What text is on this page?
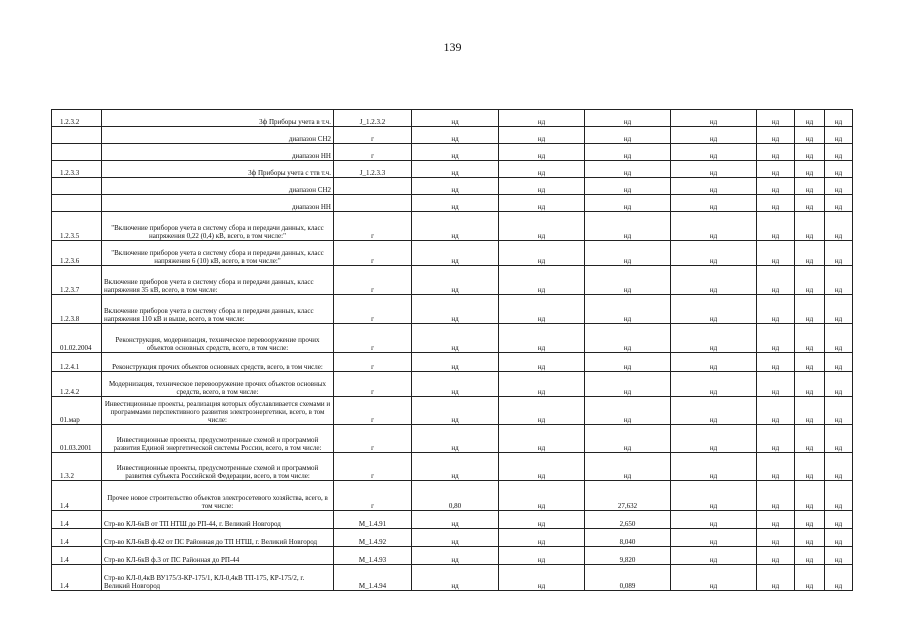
139
1.2.3.2	3ф Приборы учета в т.ч.	J_1.2.3.2	нд	нд	нд	нд	нд	нд	нд
	диапазон СН2	г	нд	нд	нд	нд	нд	нд	нд
	диапазон НН	г	нд	нд	нд	нд	нд	нд	нд
1.2.3.3	3ф Приборы учета с ттв т.ч.	J_1.2.3.3	нд	нд	нд	нд	нд	нд	нд
	диапазон СН2		нд	нд	нд	нд	нд	нд	нд
	диапазон НН		нд	нд	нд	нд	нд	нд	нд
1.2.3.5	"Включение приборов учета в систему сбора и передачи данных, класс напряжения 0,22 (0,4) кВ, всего, в том числе:"	г	нд	нд	нд	нд	нд	нд	нд
1.2.3.6	"Включение приборов учета в систему сбора и передачи данных, класс напряжения 6 (10) кВ, всего, в том числе:"	г	нд	нд	нд	нд	нд	нд	нд
1.2.3.7	Включение приборов учета в систему сбора и передачи данных, класс напряжения 35 кВ, всего, в том числе:	г	нд	нд	нд	нд	нд	нд	нд
1.2.3.8	Включение приборов учета в систему сбора и передачи данных, класс напряжения 110 кВ и выше, всего, в том числе:	г	нд	нд	нд	нд	нд	нд	нд
01.02.2004	Реконструкция, модернизация, техническое перевооружение прочих объектов основных средств, всего, в том числе:	г	нд	нд	нд	нд	нд	нд	нд
1.2.4.1	Реконструкция прочих объектов основных средств, всего, в том числе:	г	нд	нд	нд	нд	нд	нд	нд
1.2.4.2	Модернизация, техническое перевооружение прочих объектов основных средств, всего, в том числе:	г	нд	нд	нд	нд	нд	нд	нд
01.мар	Инвестиционные проекты, реализация которых обуславливается схемами и программами перспективного развития электроэнергетики, всего, в том числе:	г	нд	нд	нд	нд	нд	нд	нд
01.03.2001	Инвестиционные проекты, предусмотренные схемой и программой развития Единой энергетической системы России, всего, в том числе:	г	нд	нд	нд	нд	нд	нд	нд
1.3.2	Инвестиционные проекты, предусмотренные схемой и программой развития субъекта Российской Федерации, всего, в том числе:	г	нд	нд	нд	нд	нд	нд	нд
1.4	Прочее новое строительство объектов электросетевого хозяйства, всего, в том числе:	г	0,80	нд	27,632	нд	нд	нд	нд
1.4	Стр-во КЛ-6кВ от ТП НТШ до РП-44, г. Великий Новгород	M_1.4.91	нд	нд	2,650	нд	нд	нд	нд
1.4	Стр-во КЛ-6кВ ф.42 от ПС Районная до ТП НТШ, г. Великий Новгород	M_1.4.92	нд	нд	8,040	нд	нд	нд	нд
1.4	Стр-во КЛ-6кВ ф.3 от ПС Районная до РП-44	M_1.4.93	нд	нд	9,820	нд	нд	нд	нд
1.4	Стр-во КЛ-0,4кВ ВУ175/3-КР-175/1, КЛ-0,4кВ ТП-175, КР-175/2, г. Великий Новгород	M_1.4.94	нд	нд	0,089	нд	нд	нд	нд
